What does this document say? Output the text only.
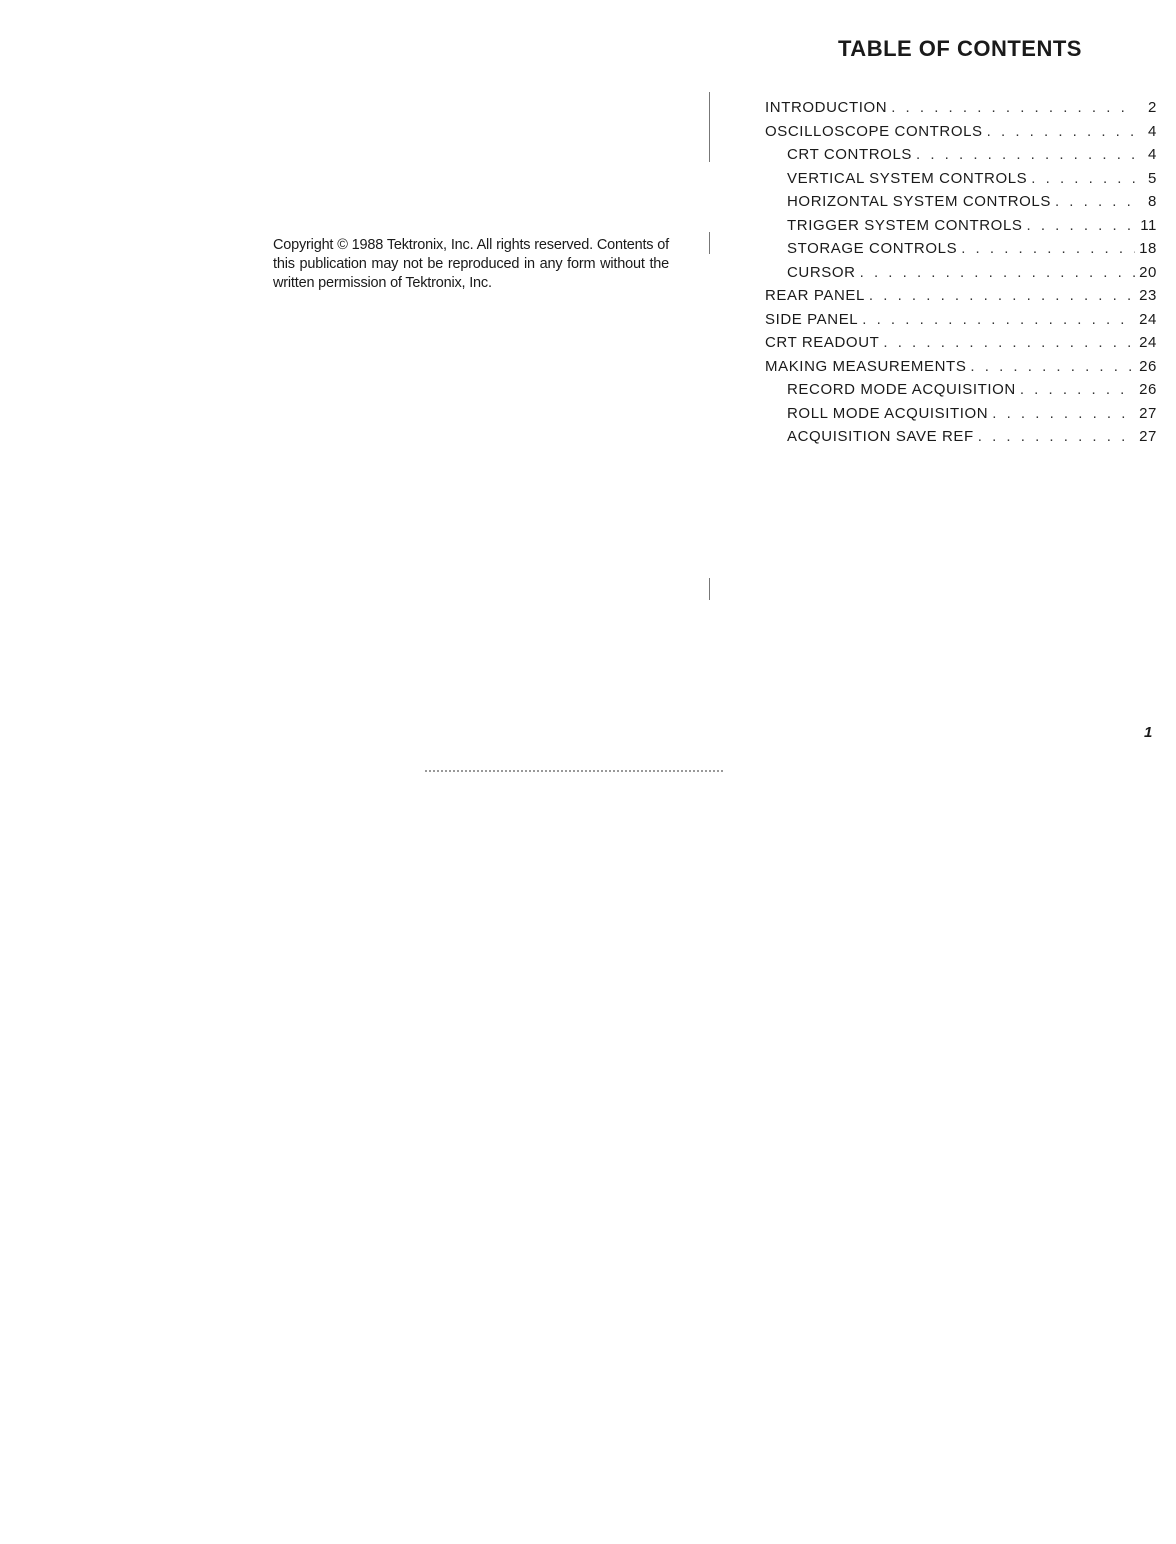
Copyright © 1988 Tektronix, Inc. All rights reserved. Contents of this publication may not be reproduced in any form without the written permission of Tektronix, Inc.

TABLE OF CONTENTS
INTRODUCTION . . .	2
OSCILLOSCOPE CONTROLS . . .	4
CRT CONTROLS . . .	4
VERTICAL SYSTEM CONTROLS . . .	5
HORIZONTAL SYSTEM CONTROLS . . .	8
TRIGGER SYSTEM CONTROLS . . .	11
STORAGE CONTROLS . . .	18
CURSOR . . .	20
REAR PANEL . . .	23
SIDE PANEL . . .	24
CRT READOUT . . .	24
MAKING MEASUREMENTS . . .	26
RECORD MODE ACQUISITION . . .	26
ROLL MODE ACQUISITION . . .	27
ACQUISITION SAVE REF . . .	27
1
